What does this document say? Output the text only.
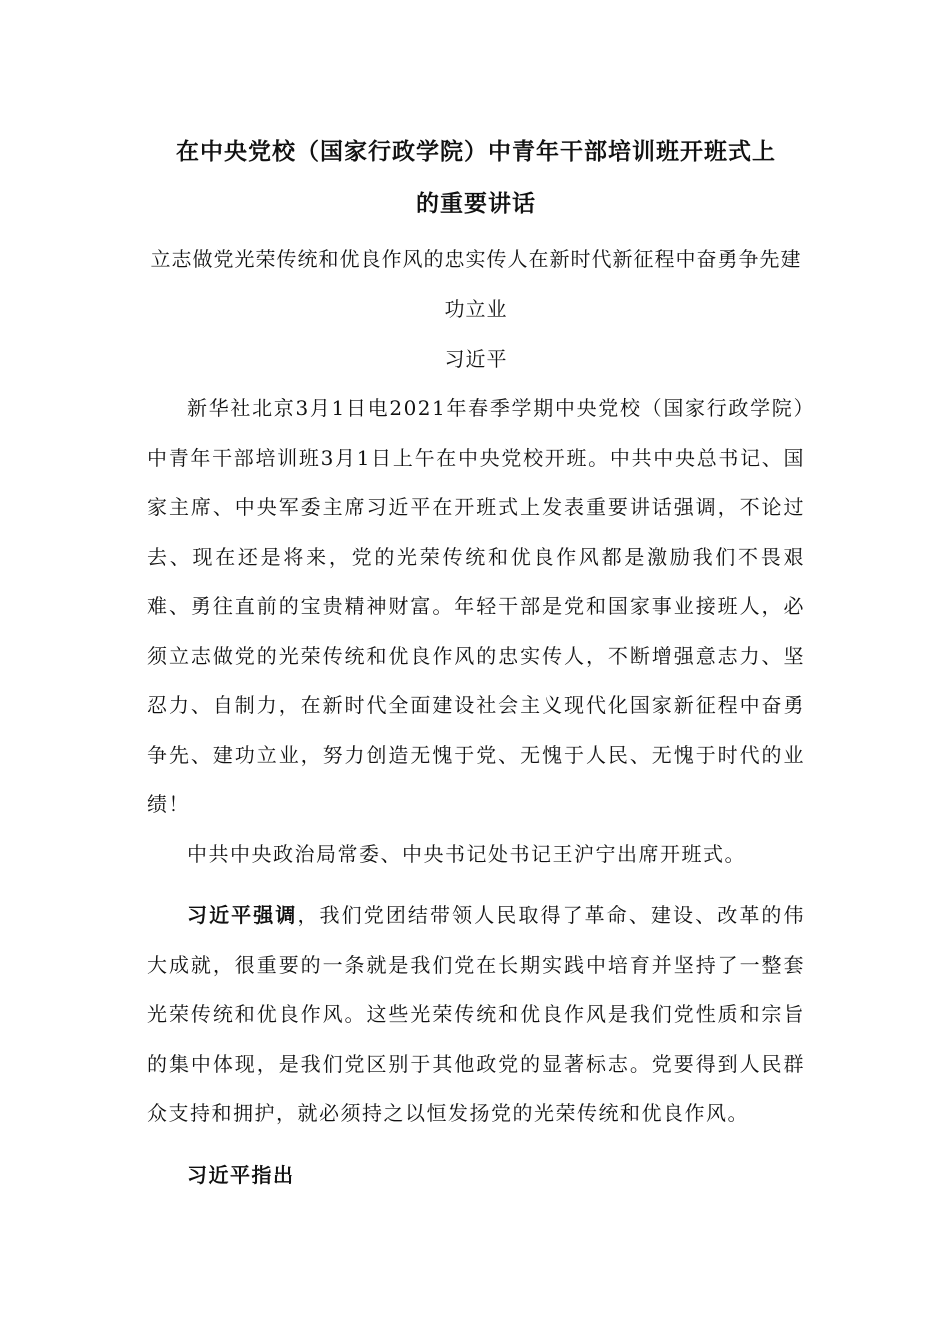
在中央党校（国家行政学院）中青年干部培训班开班式上
的重要讲话

立志做党光荣传统和优良作风的忠实传人在新时代新征程中奋勇争先建功立业

习近平

新华社北京3月1日电2021年春季学期中央党校（国家行政学院）中青年干部培训班3月1日上午在中央党校开班。中共中央总书记、国家主席、中央军委主席习近平在开班式上发表重要讲话强调，不论过去、现在还是将来，党的光荣传统和优良作风都是激励我们不畏艰难、勇往直前的宝贵精神财富。年轻干部是党和国家事业接班人，必须立志做党的光荣传统和优良作风的忠实传人，不断增强意志力、坚忍力、自制力，在新时代全面建设社会主义现代化国家新征程中奋勇争先、建功立业，努力创造无愧于党、无愧于人民、无愧于时代的业绩！

中共中央政治局常委、中央书记处书记王沪宁出席开班式。

习近平强调，我们党团结带领人民取得了革命、建设、改革的伟大成就，很重要的一条就是我们党在长期实践中培育并坚持了一整套光荣传统和优良作风。这些光荣传统和优良作风是我们党性质和宗旨的集中体现，是我们党区别于其他政党的显著标志。党要得到人民群众支持和拥护，就必须持之以恒发扬党的光荣传统和优良作风。

习近平指出
